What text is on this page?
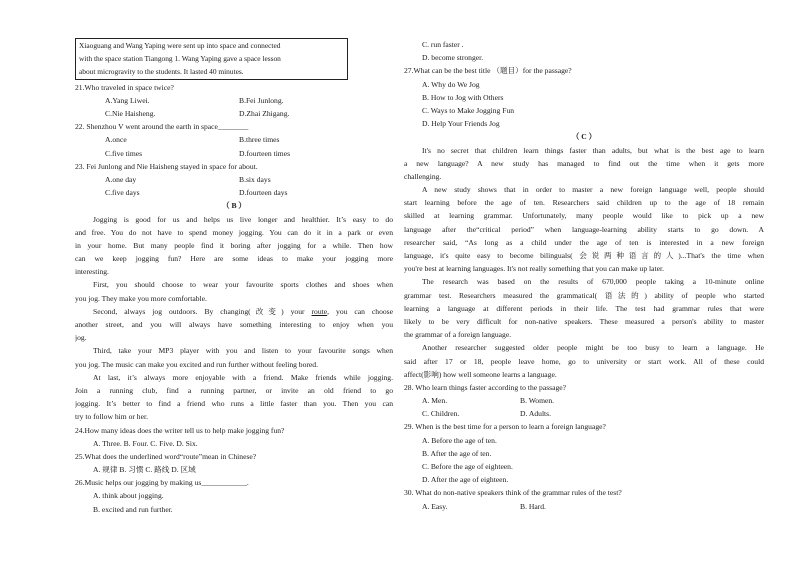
Xiaoguang and Wang Yaping were sent up into space and connected
with the space station Tiangong 1. Wang Yaping gave a space lesson
about microgravity to the students. It lasted 40 minutes.
21.Who traveled in space twice?
A.Yang Liwei.	B.Fei Junlong.
C.Nie Haisheng.	D.Zhai Zhigang.
22. Shenzhou V went around the earth in space________
A.once	B.three times
C.five times	D.fourteen times
23. Fei Junlong and Nie Haisheng stayed in space for about.
A.one day	B.six days
C.five days	D.fourteen days
（ B ）
Jogging is good for us and helps us live longer and healthier. It’s easy to do
and free. You do not have to spend money jogging. You can do it in a park or even
in your home. But many people find it boring after jogging for a while. Then how
can we keep jogging fun? Here are some ideas to make your jogging more
interesting.
First, you should choose to wear your favourite sports clothes and shoes when
you jog. They make you more comfortable.
Second, always jog outdoors. By changing(改变) your route, you can choose
another street, and you will always have something interesting to enjoy when you
jog.
Third, take your MP3 player with you and listen to your favourite songs when
you jog. The music can make you excited and run further without feeling bored.
At last, it’s always more enjoyable with a friend. Make friends while jogging.
Join a running club, find a running partner, or invite an old friend to go
jogging. It’s better to find a friend who runs a little faster than you. Then you can
try to follow him or her.
24.How many ideas does the writer tell us to help make jogging fun?
A. Three. B. Four. C. Five. D. Six.
25.What does the underlined word“route”mean in Chinese?
A. 规律 B. 习惯 C. 路线 D. 区域
26.Music helps our jogging by making us____________.
A. think about jogging.
B. excited and run further.
C. run faster .
D. become stronger.
27.What can be the best title （题目）for the passage?
A. Why do We Jog
B. How to Jog with Others
C. Ways to Make Jogging Fun
D. Help Your Friends Jog
（ C ）
It's no secret that children learn things faster than adults, but what is the best age to learn
a new language? A new study has managed to find out the time when it gets more
challenging.
A new study shows that in order to master a new foreign language well, people should
start learning before the age of ten. Researchers said children up to the age of 18 remain
skilled at learning grammar. Unfortunately, many people would like to pick up a new
language after the“critical period” when language-learning ability starts to go down. A
researcher said, “As long as a child under the age of ten is interested in a new foreign
language, it's quite easy to become bilinguals( 会说两种语言的人)...That's the time when
you're best at learning languages. It's not really something that you can make up later.
The research was based on the results of 670,000 people taking a 10-minute online
grammar test. Researchers measured the grammatical( 语法的) ability of people who started
learning a language at different periods in their life. The test had grammar rules that were
likely to be very difficult for non-native speakers. These measured a person's ability to master
the grammar of a foreign language.
Another researcher suggested older people might be too busy to learn a language. He
said after 17 or 18, people leave home, go to university or start work. All of these could
affect(影响) how well someone learns a language.
28. Who learn things faster according to the passage?
A. Men.	B. Women.
C. Children.	D. Adults.
29. When is the best time for a person to learn a foreign language?
A. Before the age of ten.
B. After the age of ten.
C. Before the age of eighteen.
D. After the age of eighteen.
30. What do non-native speakers think of the grammar rules of the test?
A. Easy.	B. Hard.
